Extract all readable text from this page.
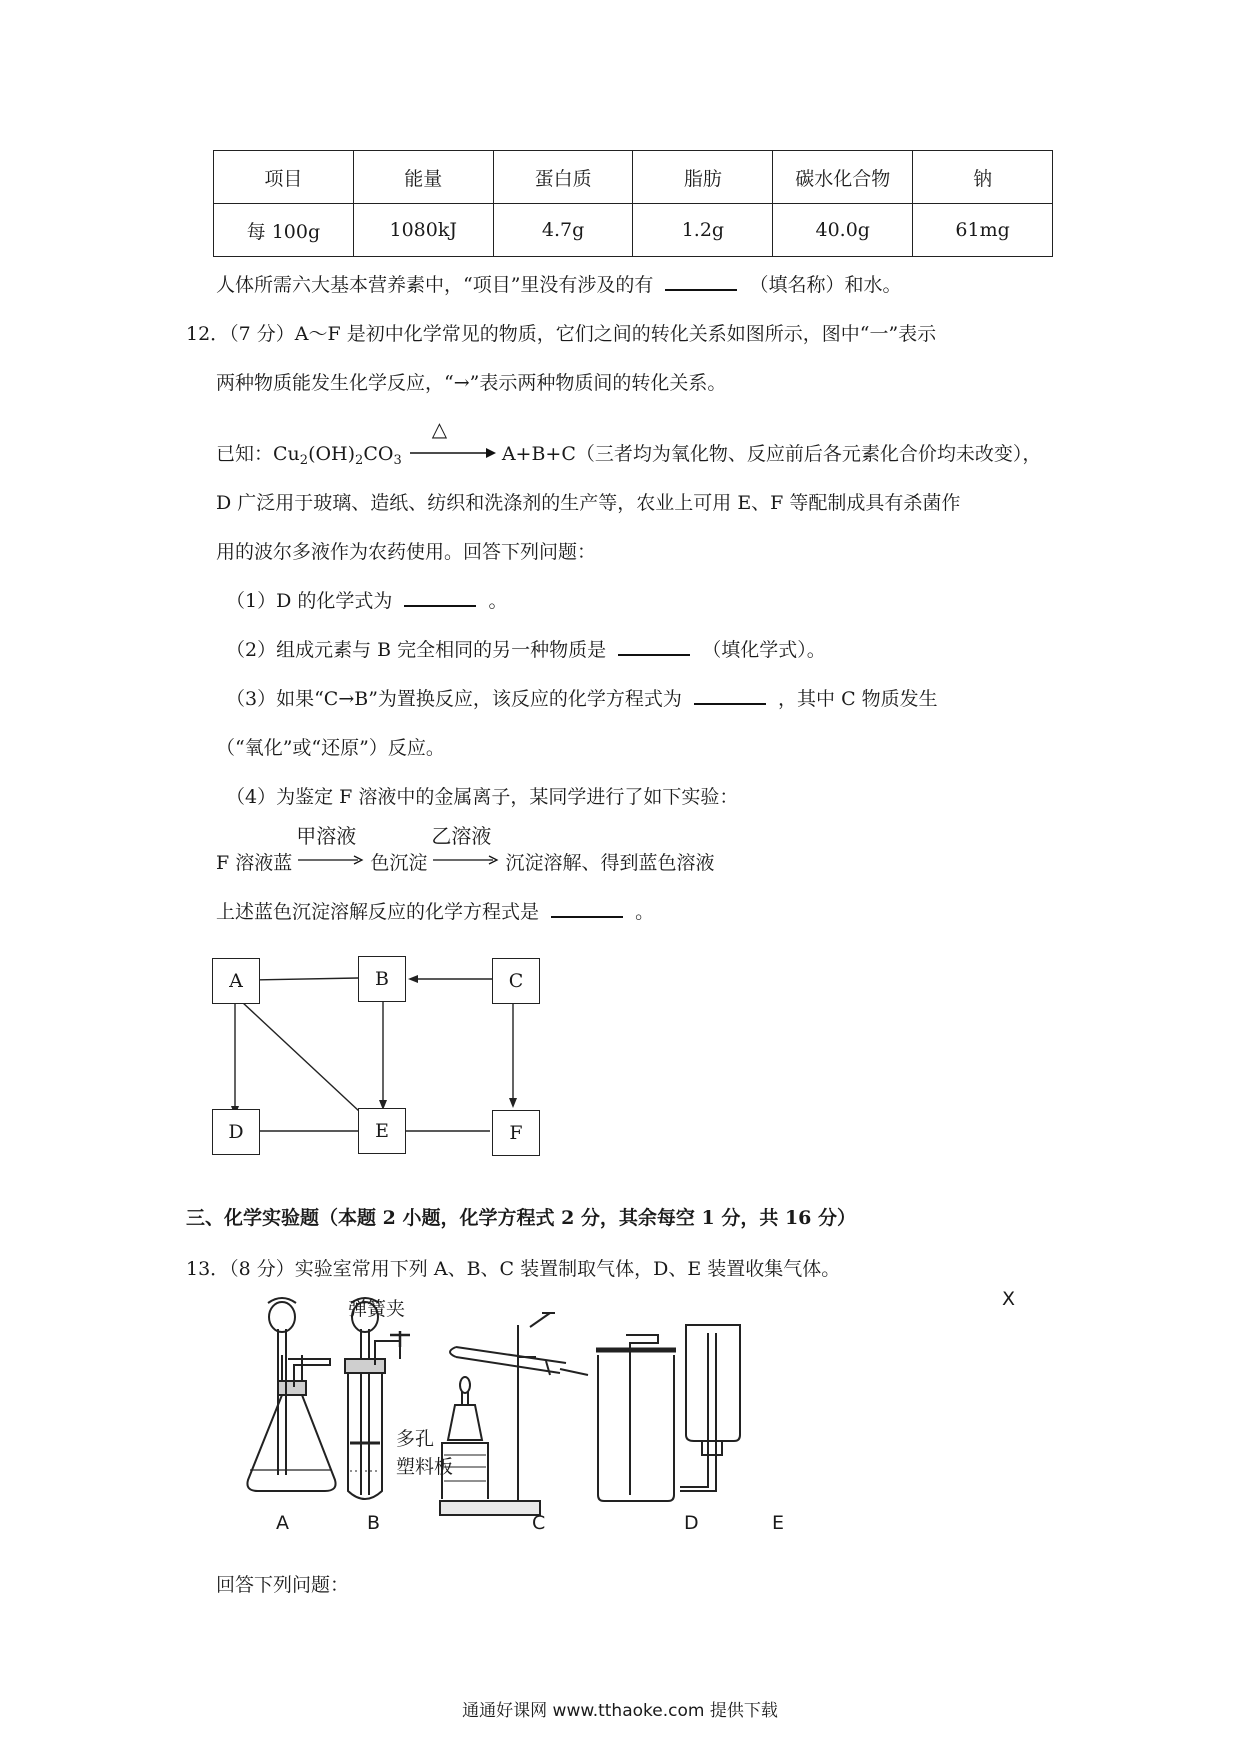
项目	能量	蛋白质	脂肪	碳水化合物	钠
每 100g	1080kJ	4.7g	1.2g	40.0g	61mg
人体所需六大基本营养素中，“项目”里没有涉及的有	（填名称）和水。
12．（7 分）A～F 是初中化学常见的物质，它们之间的转化关系如图所示，图中“一”表示
两种物质能发生化学反应，“→”表示两种物质间的转化关系。
已知：$Cu_2(OH)_2CO_3$
△
A+B+C（三者均为氧化物、反应前后各元素化合价均未改变），
D 广泛用于玻璃、造纸、纺织和洗涤剂的生产等，农业上可用 E、F 等配制成具有杀菌作
用的波尔多液作为农药使用。回答下列问题：
（1）D 的化学式为	。
（2）组成元素与 B 完全相同的另一种物质是	（填化学式）。
（3）如果“C→B”为置换反应，该反应的化学方程式为	，其中 C 物质发生
（“氧化”或“还原”）反应。
（4）为鉴定 F 溶液中的金属离子，某同学进行了如下实验：
F 溶液蓝
甲溶液
色沉淀
乙溶液
沉淀溶解、得到蓝色溶液
上述蓝色沉淀溶解反应的化学方程式是	。
A	B	C
D	E	F
三、化学实验题（本题 2 小题，化学方程式 2 分，其余每空 1 分，共 16 分）
13．（8 分）实验室常用下列 A、B、C 装置制取气体，D、E 装置收集气体。
X
弹簧夹
多孔
塑料板
A	B	C	D	E
回答下列问题：
通通好课网 www.tthaoke.com 提供下载
